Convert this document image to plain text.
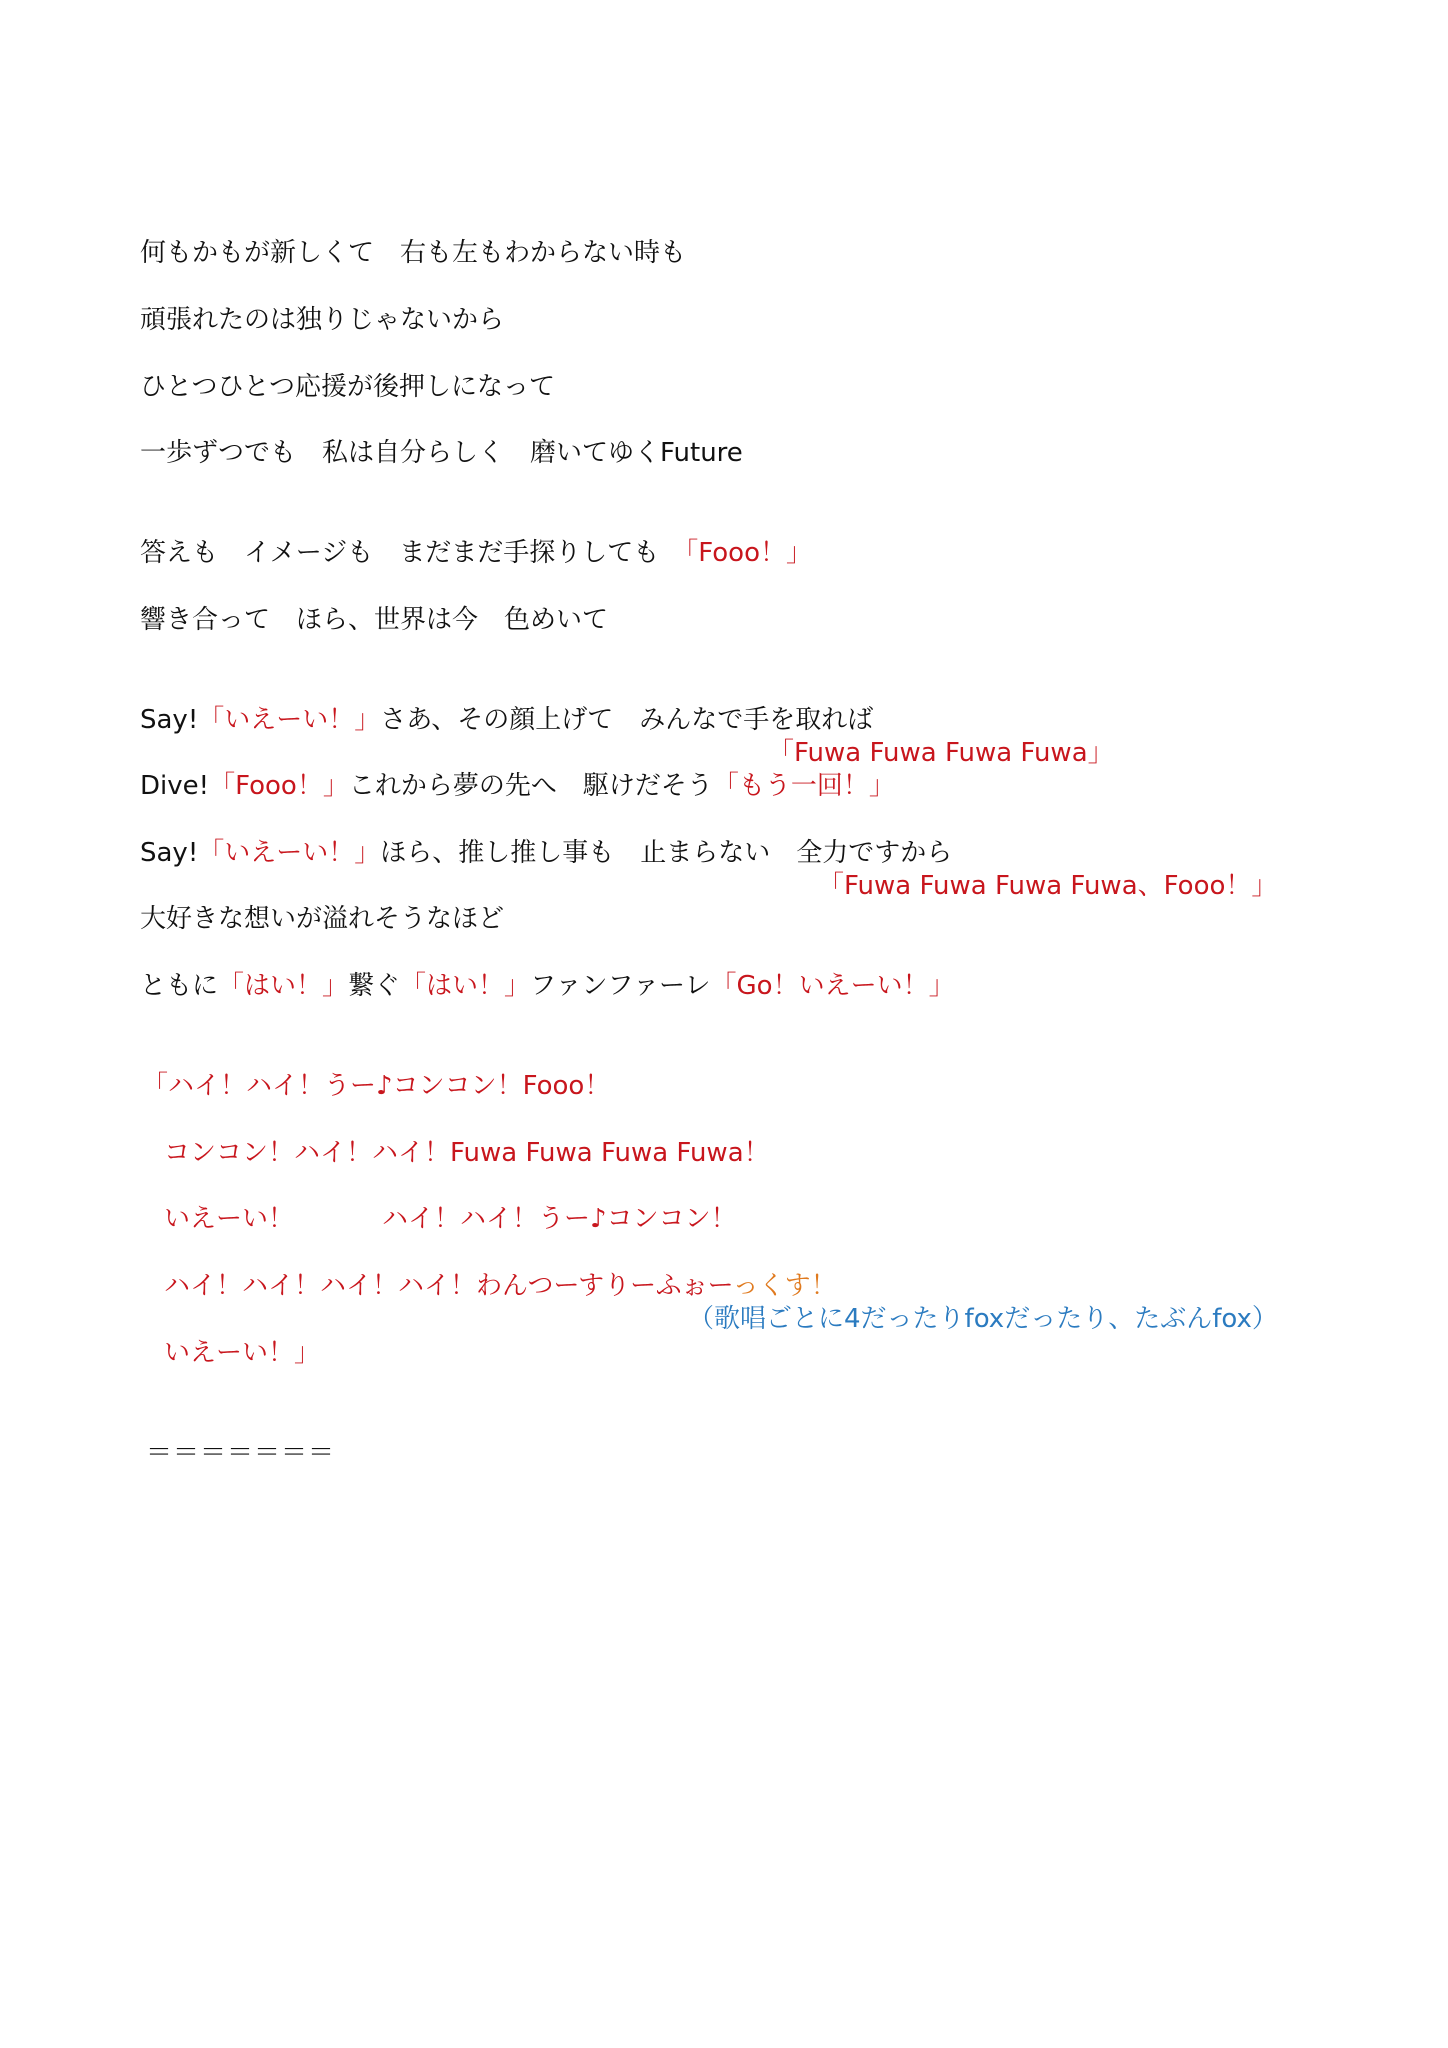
何もかもが新しくて　右も左もわからない時も
頑張れたのは独りじゃないから
ひとつひとつ応援が後押しになって
一歩ずつでも　私は自分らしく　磨いてゆくFuture
答えも　イメージも　まだまだ手探りしても　「Fooo！」
響き合って　ほら、世界は今　色めいて
Say!「いえーい！」さあ、その顔上げて　みんなで手を取れば
「Fuwa Fuwa Fuwa Fuwa」
Dive!「Fooo！」これから夢の先へ　駆けだそう「もう一回！」
Say!「いえーい！」ほら、推し推し事も　止まらない　全力ですから
「Fuwa Fuwa Fuwa Fuwa、Fooo！」
大好きな想いが溢れそうなほど
ともに「はい！」繋ぐ「はい！」ファンファーレ「Go！いえーい！」
「ハイ！ハイ！うー♪コンコン！Fooo！
コンコン！ハイ！ハイ！Fuwa Fuwa Fuwa Fuwa！
いえーい！	ハイ！ハイ！うー♪コンコン！
ハイ！ハイ！ハイ！ハイ！わんつーすりーふぉーっくす！
（歌唱ごとに4だったりfoxだったり、たぶんfox）
いえーい！」
＝＝＝＝＝＝＝
